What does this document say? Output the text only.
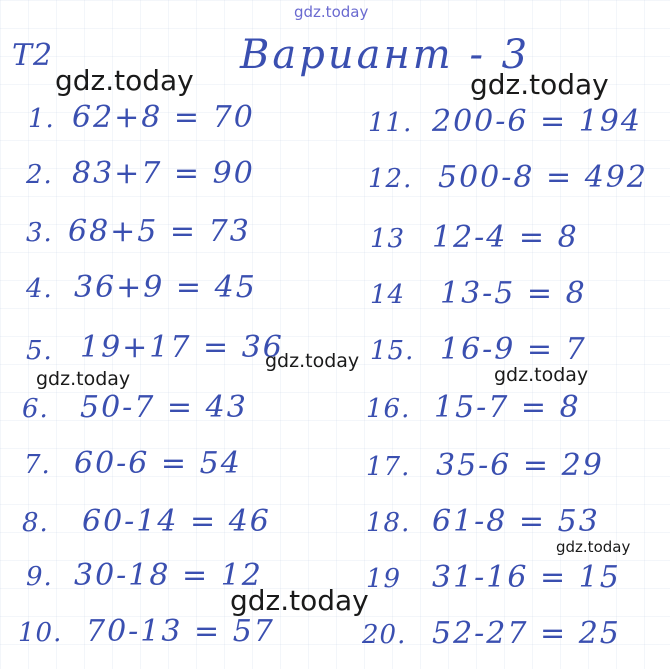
Т2	Вариант - 3
1. 62+8 = 70
2. 83+7 = 90
3. 68+5 = 73
4. 36+9 = 45
5. 19+17 = 36
6. 50-7 = 43
7. 60-6 = 54
8. 60-14 = 46
9. 30-18 = 12
10. 70-13 = 57
11. 200-6 = 194
12. 500-8 = 492
13 12-4 = 8
14 13-5 = 8
15. 16-9 = 7
16. 15-7 = 8
17. 35-6 = 29
18. 61-8 = 53
19 31-16 = 15
20. 52-27 = 25
gdz.today
gdz.today	gdz.today
gdz.today
gdz.today	gdz.today
gdz.today
gdz.today
